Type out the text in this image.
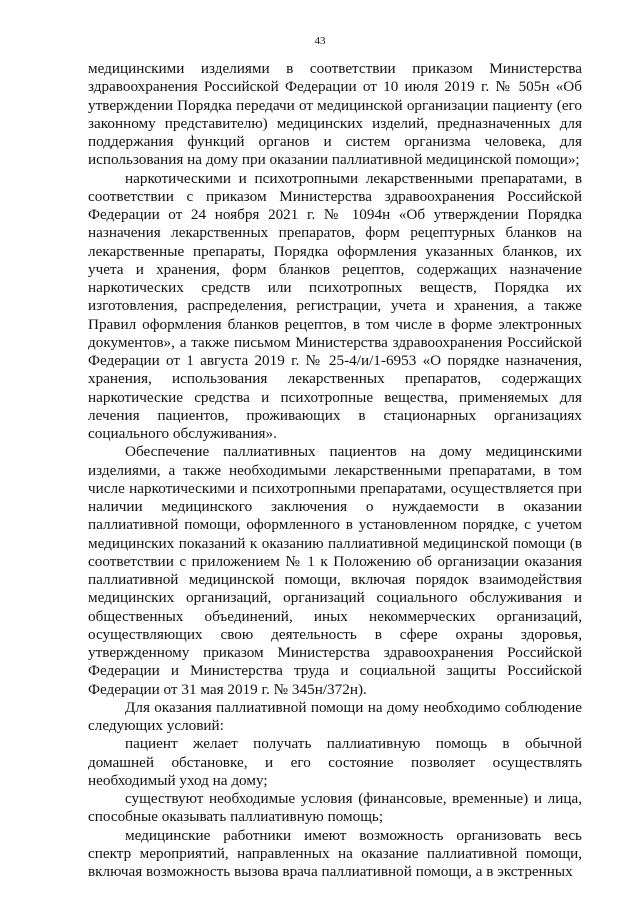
43

медицинскими изделиями в соответствии приказом Министерства здравоохранения Российской Федерации от 10 июля 2019 г. № 505н «Об утверждении Порядка передачи от медицинской организации пациенту (его законному представителю) медицинских изделий, предназначенных для поддержания функций органов и систем организма человека, для использования на дому при оказании паллиативной медицинской помощи»;

наркотическими и психотропными лекарственными препаратами, в соответствии с приказом Министерства здравоохранения Российской Федерации от 24 ноября 2021 г. № 1094н «Об утверждении Порядка назначения лекарственных препаратов, форм рецептурных бланков на лекарственные препараты, Порядка оформления указанных бланков, их учета и хранения, форм бланков рецептов, содержащих назначение наркотических средств или психотропных веществ, Порядка их изготовления, распределения, регистрации, учета и хранения, а также Правил оформления бланков рецептов, в том числе в форме электронных документов», а также письмом Министерства здравоохранения Российской Федерации от 1 августа 2019 г. № 25-4/и/1-6953 «О порядке назначения, хранения, использования лекарственных препаратов, содержащих наркотические средства и психотропные вещества, применяемых для лечения пациентов, проживающих в стационарных организациях социального обслуживания».

Обеспечение паллиативных пациентов на дому медицинскими изделиями, а также необходимыми лекарственными препаратами, в том числе наркотическими и психотропными препаратами, осуществляется при наличии медицинского заключения о нуждаемости в оказании паллиативной помощи, оформленного в установленном порядке, с учетом медицинских показаний к оказанию паллиативной медицинской помощи (в соответствии с приложением № 1 к Положению об организации оказания паллиативной медицинской помощи, включая порядок взаимодействия медицинских организаций, организаций социального обслуживания и общественных объединений, иных некоммерческих организаций, осуществляющих свою деятельность в сфере охраны здоровья, утвержденному приказом Министерства здравоохранения Российской Федерации и Министерства труда и социальной защиты Российской Федерации от 31 мая 2019 г. № 345н/372н).

Для оказания паллиативной помощи на дому необходимо соблюдение следующих условий:

пациент желает получать паллиативную помощь в обычной домашней обстановке, и его состояние позволяет осуществлять необходимый уход на дому;

существуют необходимые условия (финансовые, временные) и лица, способные оказывать паллиативную помощь;

медицинские работники имеют возможность организовать весь спектр мероприятий, направленных на оказание паллиативной помощи, включая возможность вызова врача паллиативной помощи, а в экстренных
